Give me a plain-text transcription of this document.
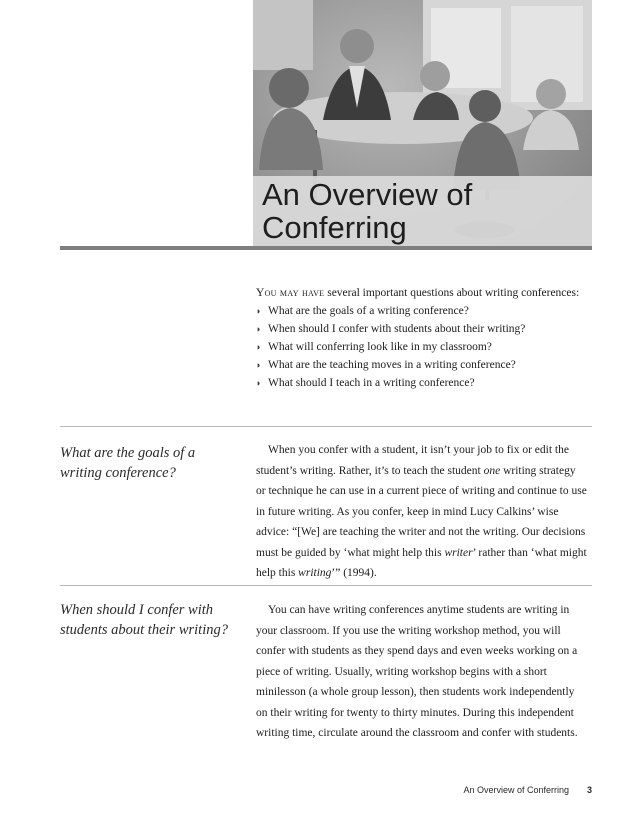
An Overview of
Conferring

You may have several important questions about writing conferences:

◗ What are the goals of a writing conference?
◗ When should I confer with students about their writing?
◗ What will conferring look like in my classroom?
◗ What are the teaching moves in a writing conference?
◗ What should I teach in a writing conference?
What are the goals of a writing conference?

When you confer with a student, it isn’t your job to fix or edit the student’s writing. Rather, it’s to teach the student one writing strategy or technique he can use in a current piece of writing and continue to use in future writing. As you confer, keep in mind Lucy Calkins’ wise advice: “[We] are teaching the writer and not the writing. Our decisions must be guided by ‘what might help this writer’ rather than ‘what might help this writing’” (1994).

When should I confer with students about their writing?

You can have writing conferences anytime students are writing in your classroom. If you use the writing workshop method, you will confer with students as they spend days and even weeks working on a piece of writing. Usually, writing workshop begins with a short minilesson (a whole group lesson), then students work independently on their writing for twenty to thirty minutes. During this independent writing time, circulate around the classroom and confer with students.

An Overview of Conferring 3
